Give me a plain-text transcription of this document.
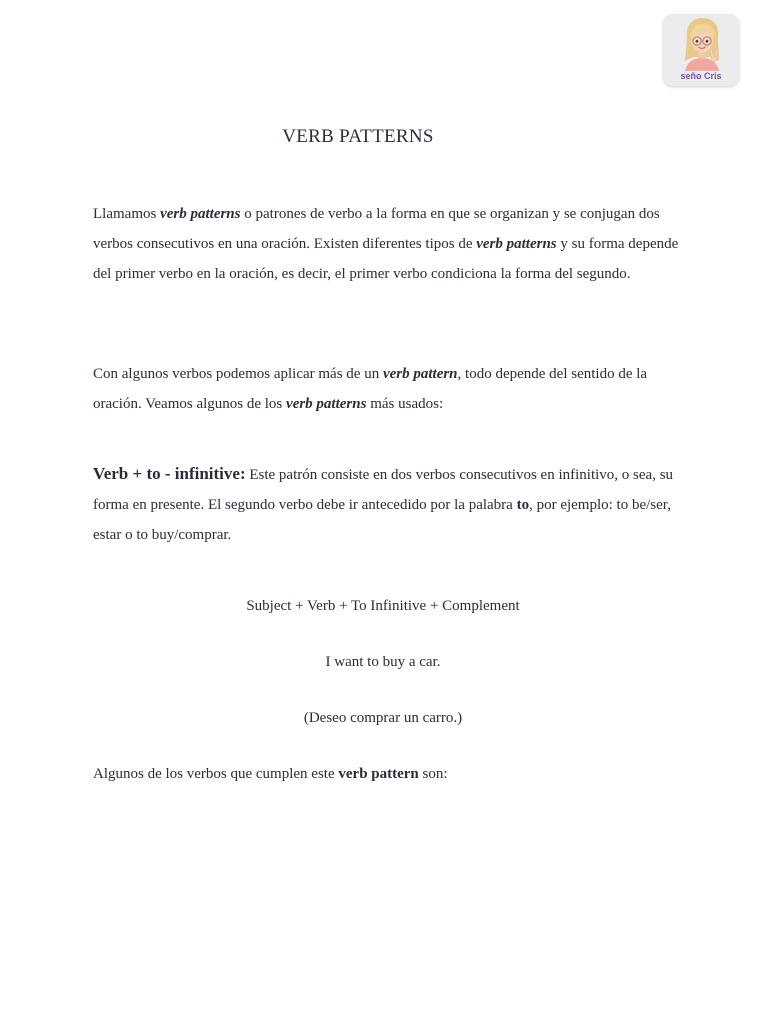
seño Cris
VERB PATTERNS

Llamamos verb patterns o patrones de verbo a la forma en que se organizan y se conjugan dos verbos consecutivos en una oración. Existen diferentes tipos de verb patterns y su forma depende del primer verbo en la oración, es decir, el primer verbo condiciona la forma del segundo.

Con algunos verbos podemos aplicar más de un verb pattern, todo depende del sentido de la oración. Veamos algunos de los verb patterns más usados:

Verb + to - infinitive: Este patrón consiste en dos verbos consecutivos en infinitivo, o sea, su forma en presente. El segundo verbo debe ir antecedido por la palabra to, por ejemplo: to be/ser, estar o to buy/comprar.

Subject + Verb + To Infinitive + Complement
I want to buy a car.
(Deseo comprar un carro.)

Algunos de los verbos que cumplen este verb pattern son:
